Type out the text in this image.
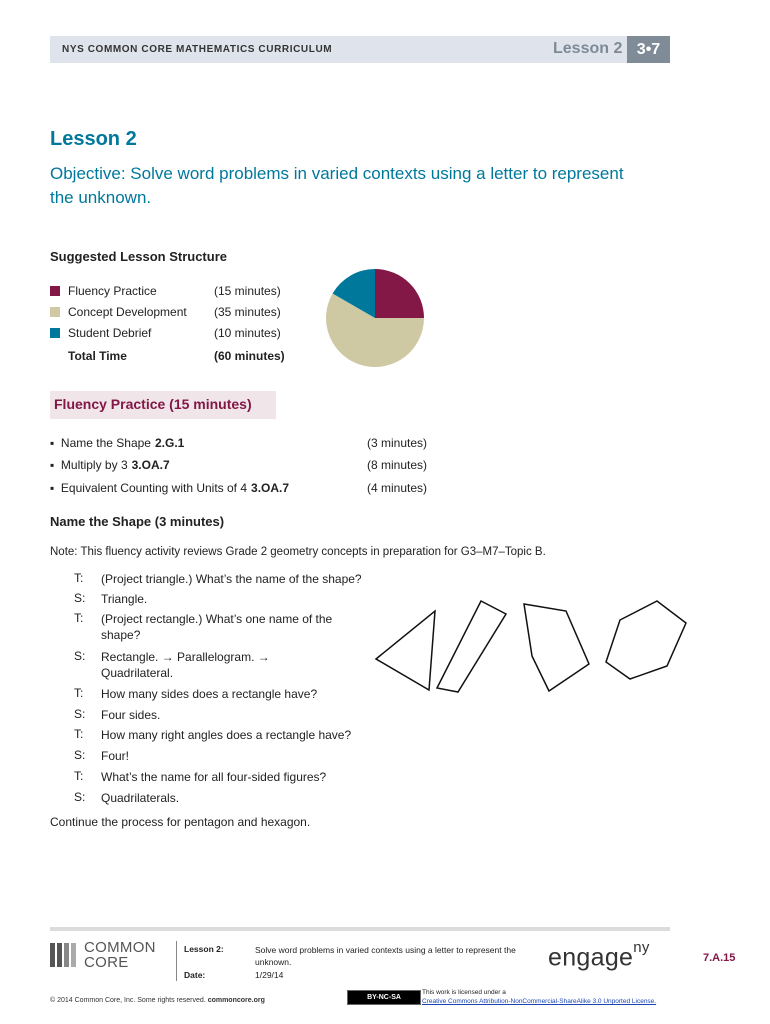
NYS COMMON CORE MATHEMATICS CURRICULUM	Lesson 2 3•7
Lesson 2
Objective: Solve word problems in varied contexts using a letter to represent the unknown.
Suggested Lesson Structure
Fluency Practice	(15 minutes)
Concept Development (35 minutes)
Student Debrief	(10 minutes)
Total Time	(60 minutes)
Fluency Practice (15 minutes)
▪  Name the Shape 2.G.1	(3 minutes)
▪  Multiply by 3 3.OA.7	(8 minutes)
▪  Equivalent Counting with Units of 4 3.OA.7	(4 minutes)
Name the Shape (3 minutes)
Note: This fluency activity reviews Grade 2 geometry concepts in preparation for G3–M7–Topic B.
T: (Project triangle.) What’s the name of the shape?
S: Triangle.
T: (Project rectangle.) What’s one name of the shape?
S: Rectangle. → Parallelogram. → Quadrilateral.
T: How many sides does a rectangle have?
S: Four sides.
T: How many right angles does a rectangle have?
S: Four!
T: What’s the name for all four-sided figures?
S: Quadrilaterals.
Continue the process for pentagon and hexagon.
COMMON
CORE
Lesson 2:	Solve word problems in varied contexts using a letter to represent the unknown.
Date:	1/29/14
engage$^{ny}$
7.A.15
© 2014 Common Core, Inc. Some rights reserved. commoncore.org	BY-NC-SA
This work is licensed under a
Creative Commons Attribution-NonCommercial-ShareAlike 3.0 Unported License.
